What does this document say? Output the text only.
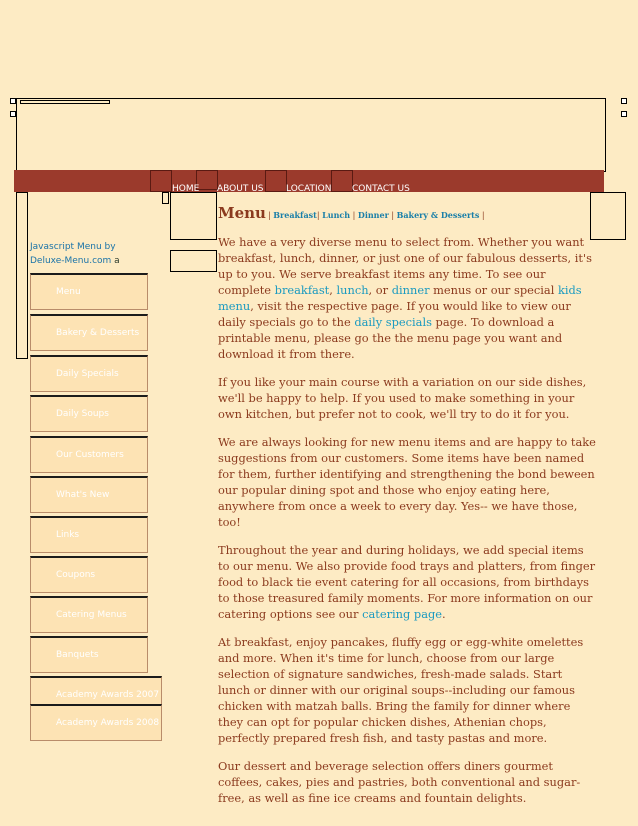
HOME ABOUT US LOCATION CONTACT US
Javascript Menu by Deluxe-Menu.com a
Menu
Bakery & Desserts
Daily Specials
Daily Soups
Our Customers
What's New
Links
Coupons
Catering Menus
Banquets
Academy Awards 2007
Academy Awards 2008
Menu | Breakfast| Lunch | Dinner | Bakery & Desserts |

We have a very diverse menu to select from. Whether you want breakfast, lunch, dinner, or just one of our fabulous desserts, it's up to you. We serve breakfast items any time. To see our complete breakfast, lunch, or dinner menus or our special kids menu, visit the respective page. If you would like to view our daily specials go to the daily specials page. To download a printable menu, please go the the menu page you want and download it from there.

If you like your main course with a variation on our side dishes, we'll be happy to help. If you used to make something in your own kitchen, but prefer not to cook, we'll try to do it for you.

We are always looking for new menu items and are happy to take suggestions from our customers. Some items have been named for them, further identifying and strengthening the bond beween our popular dining spot and those who enjoy eating here, anywhere from once a week to every day. Yes-- we have those, too!

Throughout the year and during holidays, we add special items to our menu. We also provide food trays and platters, from finger food to black tie event catering for all occasions, from birthdays to those treasured family moments. For more information on our catering options see our catering page.

At breakfast, enjoy pancakes, fluffy egg or egg-white omelettes and more. When it's time for lunch, choose from our large selection of signature sandwiches, fresh-made salads. Start lunch or dinner with our original soups--including our famous chicken with matzah balls. Bring the family for dinner where they can opt for popular chicken dishes, Athenian chops, perfectly prepared fresh fish, and tasty pastas and more.

Our dessert and beverage selection offers diners gourmet coffees, cakes, pies and pastries, both conventional and sugar-free, as well as fine ice creams and fountain delights.
